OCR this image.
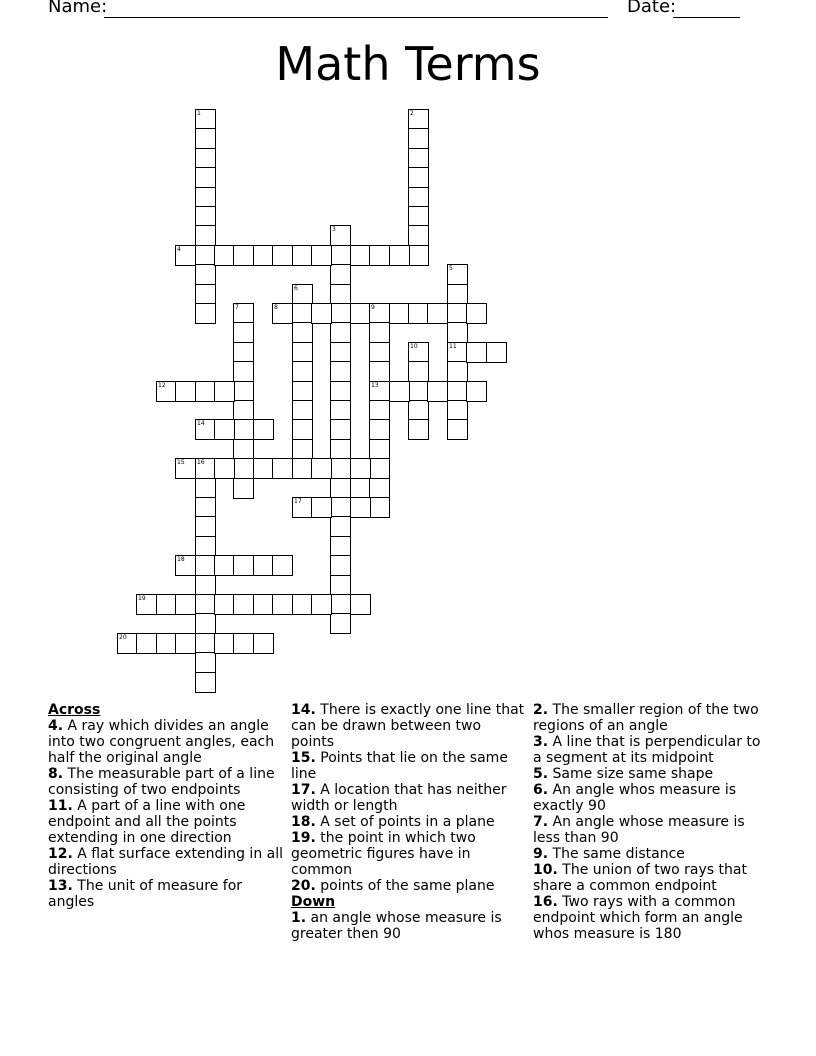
Name:	Date:
Math Terms
1	2
3
4
5
11
6
7	8	9
13
10
12
14
15 16
17
18
19
20
Across

4. A ray which divides an angle into two congruent angles, each half the original angle

8. The measurable part of a line consisting of two endpoints

11. A part of a line with one endpoint and all the points extending in one direction

12. A flat surface extending in all directions

13. The unit of measure for angles

14. There is exactly one line that can be drawn between two points

15. Points that lie on the same line

17. A location that has neither width or length

18. A set of points in a plane

19. the point in which two geometric figures have in common

20. points of the same plane

Down

1. an angle whose measure is greater then 90

2. The smaller region of the two regions of an angle

3. A line that is perpendicular to a segment at its midpoint

5. Same size same shape

6. An angle whos measure is exactly 90

7. An angle whose measure is less than 90

9. The same distance

10. The union of two rays that share a common endpoint

16. Two rays with a common endpoint which form an angle whos measure is 180
